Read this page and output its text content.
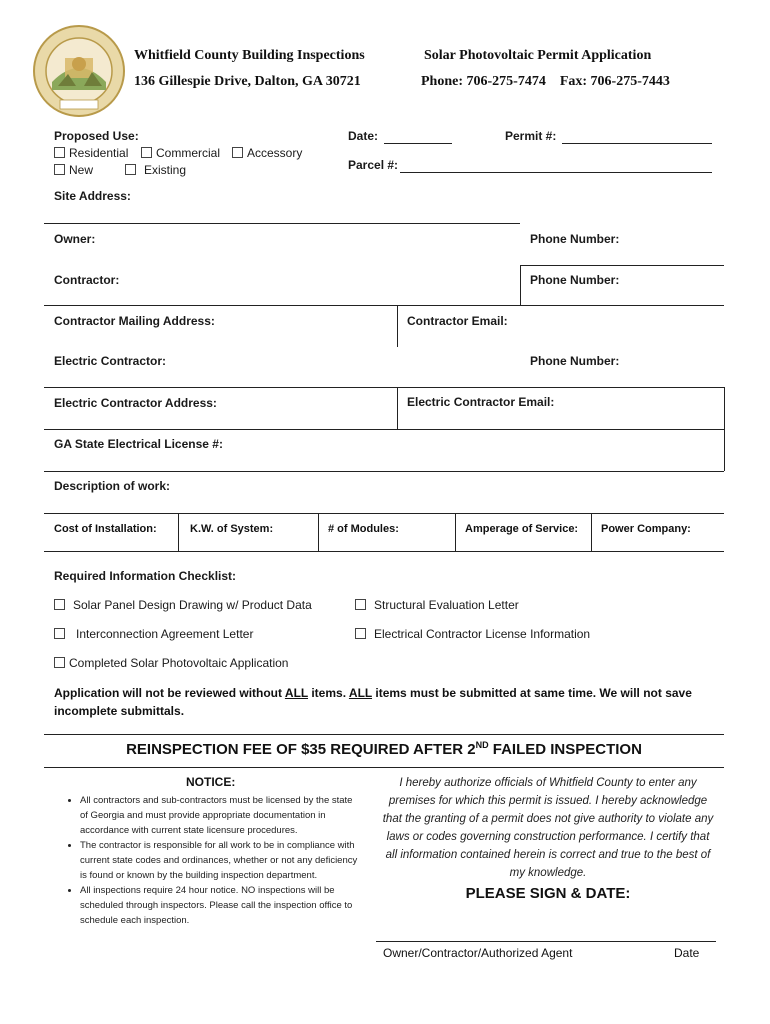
Whitfield County Building Inspections
136 Gillespie Drive, Dalton, GA 30721
Solar Photovoltaic Permit Application
Phone: 706-275-7474    Fax: 706-275-7443
Proposed Use:
Residential	Commercial	Accessory
New	Existing
Date:	Permit #:
Parcel #:
Site Address:
Owner:	Phone Number:
Contractor:	Phone Number:
Contractor Mailing Address:	Contractor Email:
Electric Contractor:	Phone Number:
Electric Contractor Address:	Electric Contractor Email:
GA State Electrical License #:
Description of work:
Cost of Installation:	K.W. of System:	# of Modules:	Amperage of Service: Power Company:
Required Information Checklist:
Solar Panel Design Drawing w/ Product Data	Structural Evaluation Letter
Interconnection Agreement Letter	Electrical Contractor License Information
Completed Solar Photovoltaic Application
Application will not be reviewed without ALL items. ALL items must be submitted at same time. We will not save incomplete submittals.
REINSPECTION FEE OF $35 REQUIRED AFTER 2ND FAILED INSPECTION
NOTICE:
• All contractors and sub-contractors must be licensed by the state of Georgia and must provide appropriate documentation in accordance with current state licensure procedures.
• The contractor is responsible for all work to be in compliance with current state codes and ordinances, whether or not any deficiency is found or known by the building inspection department.
• All inspections require 24 hour notice. NO inspections will be scheduled through inspectors. Please call the inspection office to schedule each inspection.
I hereby authorize officials of Whitfield County to enter any premises for which this permit is issued. I hereby acknowledge that the granting of a permit does not give authority to violate any laws or codes governing construction performance. I certify that all information contained herein is correct and true to the best of my knowledge.
PLEASE SIGN & DATE:
Owner/Contractor/Authorized Agent	Date
